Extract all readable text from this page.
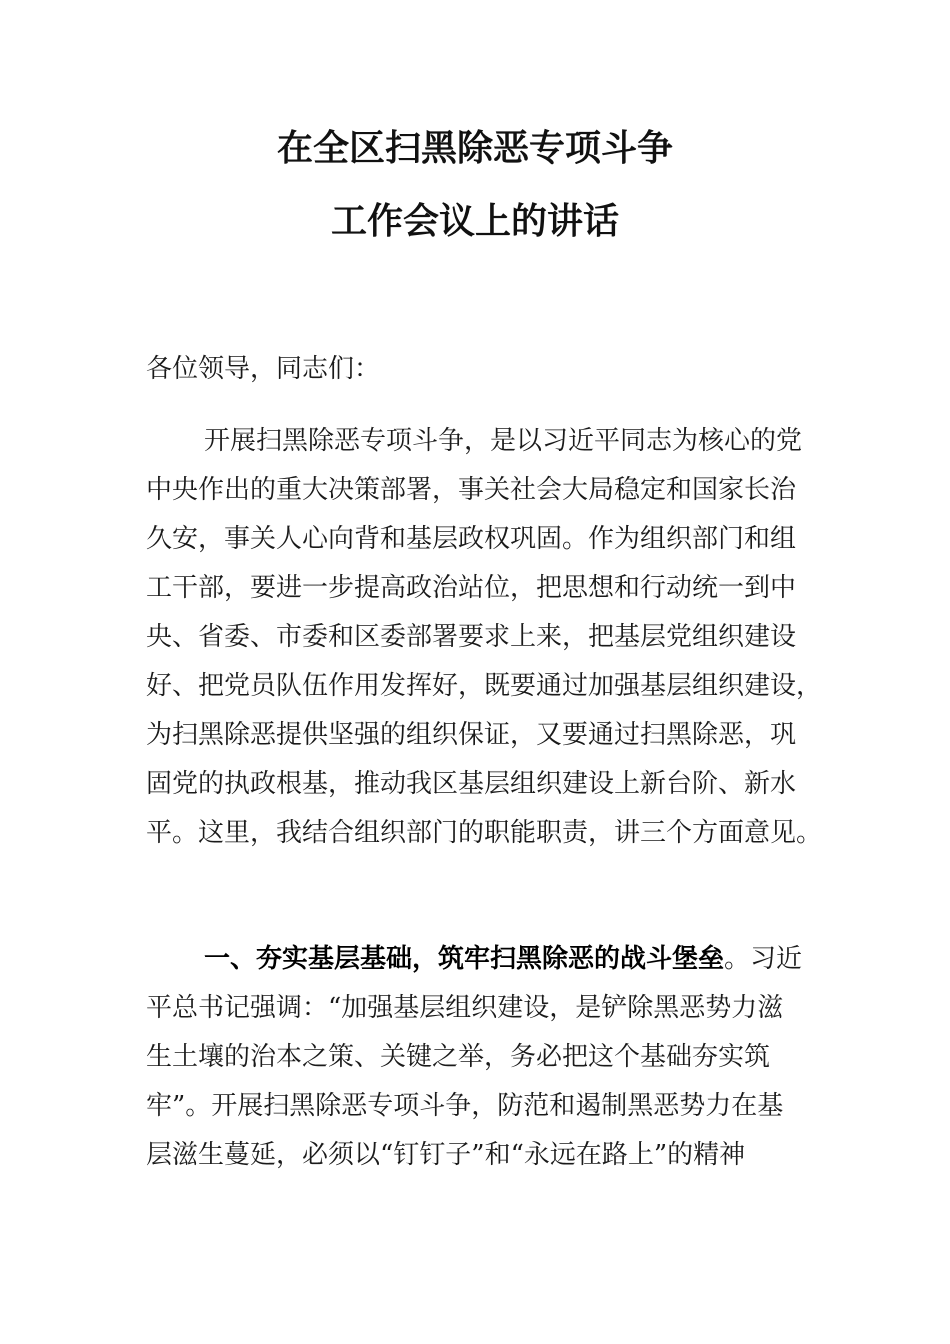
在全区扫黑除恶专项斗争
工作会议上的讲话
各位领导，同志们：
开展扫黑除恶专项斗争，是以习近平同志为核心的党
中央作出的重大决策部署，事关社会大局稳定和国家长治
久安，事关人心向背和基层政权巩固。作为组织部门和组
工干部，要进一步提高政治站位，把思想和行动统一到中
央、省委、市委和区委部署要求上来，把基层党组织建设
好、把党员队伍作用发挥好，既要通过加强基层组织建设，
为扫黑除恶提供坚强的组织保证，又要通过扫黑除恶，巩
固党的执政根基，推动我区基层组织建设上新台阶、新水
平。这里，我结合组织部门的职能职责，讲三个方面意见。
一、夯实基层基础，筑牢扫黑除恶的战斗堡垒。习近
平总书记强调：“加强基层组织建设，是铲除黑恶势力滋
生土壤的治本之策、关键之举，务必把这个基础夯实筑
牢”。开展扫黑除恶专项斗争，防范和遏制黑恶势力在基
层滋生蔓延，必须以“钉钉子”和“永远在路上”的精神
